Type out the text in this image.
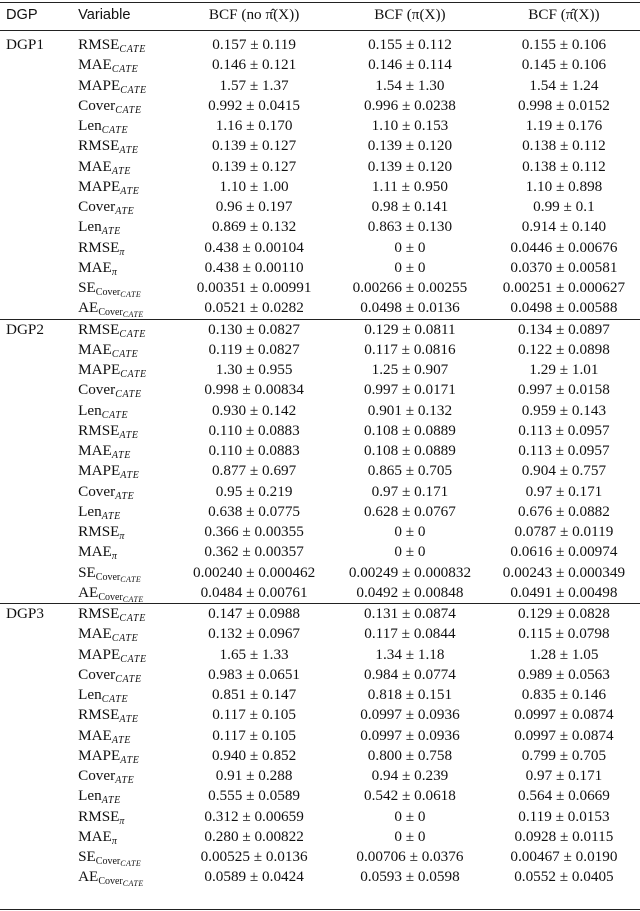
DGP	Variable	BCF (no π̂(X))	BCF (π(X))	BCF (π̂(X))
DGP1	$RMSE_{CATE}$	0.157 ± 0.119	0.155 ± 0.112	0.155 ± 0.106
	$MAE_{CATE}$	0.146 ± 0.121	0.146 ± 0.114	0.145 ± 0.106
	$MAPE_{CATE}$	1.57 ± 1.37	1.54 ± 1.30	1.54 ± 1.24
	Cover$_{CATE}$	0.992 ± 0.0415	0.996 ± 0.0238	0.998 ± 0.0152
	Len$_{CATE}$	1.16 ± 0.170	1.10 ± 0.153	1.19 ± 0.176
	$RMSE_{ATE}$	0.139 ± 0.127	0.139 ± 0.120	0.138 ± 0.112
	$MAE_{ATE}$	0.139 ± 0.127	0.139 ± 0.120	0.138 ± 0.112
	$MAPE_{ATE}$	1.10 ± 1.00	1.11 ± 0.950	1.10 ± 0.898
	Cover$_{ATE}$	0.96 ± 0.197	0.98 ± 0.141	0.99 ± 0.1
	Len$_{ATE}$	0.869 ± 0.132	0.863 ± 0.130	0.914 ± 0.140
	$RMSE_\pi$	0.438 ± 0.00104	0 ± 0	0.0446 ± 0.00676
	$MAE_\pi$	0.438 ± 0.00110	0 ± 0	0.0370 ± 0.00581
	$SE_{Cover_{CATE}}$	0.00351 ± 0.00991	0.00266 ± 0.00255	0.00251 ± 0.000627
	$AE_{Cover_{CATE}}$	0.0521 ± 0.0282	0.0498 ± 0.0136	0.0498 ± 0.00588
DGP2	$RMSE_{CATE}$	0.130 ± 0.0827	0.129 ± 0.0811	0.134 ± 0.0897
	$MAE_{CATE}$	0.119 ± 0.0827	0.117 ± 0.0816	0.122 ± 0.0898
	$MAPE_{CATE}$	1.30 ± 0.955	1.25 ± 0.907	1.29 ± 1.01
	Cover$_{CATE}$	0.998 ± 0.00834	0.997 ± 0.0171	0.997 ± 0.0158
	Len$_{CATE}$	0.930 ± 0.142	0.901 ± 0.132	0.959 ± 0.143
	$RMSE_{ATE}$	0.110 ± 0.0883	0.108 ± 0.0889	0.113 ± 0.0957
	$MAE_{ATE}$	0.110 ± 0.0883	0.108 ± 0.0889	0.113 ± 0.0957
	$MAPE_{ATE}$	0.877 ± 0.697	0.865 ± 0.705	0.904 ± 0.757
	Cover$_{ATE}$	0.95 ± 0.219	0.97 ± 0.171	0.97 ± 0.171
	Len$_{ATE}$	0.638 ± 0.0775	0.628 ± 0.0767	0.676 ± 0.0882
	$RMSE_\pi$	0.366 ± 0.00355	0 ± 0	0.0787 ± 0.0119
	$MAE_\pi$	0.362 ± 0.00357	0 ± 0	0.0616 ± 0.00974
	$SE_{Cover_{CATE}}$	0.00240 ± 0.000462	0.00249 ± 0.000832	0.00243 ± 0.000349
	$AE_{Cover_{CATE}}$	0.0484 ± 0.00761	0.0492 ± 0.00848	0.0491 ± 0.00498
DGP3	$RMSE_{CATE}$	0.147 ± 0.0988	0.131 ± 0.0874	0.129 ± 0.0828
	$MAE_{CATE}$	0.132 ± 0.0967	0.117 ± 0.0844	0.115 ± 0.0798
	$MAPE_{CATE}$	1.65 ± 1.33	1.34 ± 1.18	1.28 ± 1.05
	Cover$_{CATE}$	0.983 ± 0.0651	0.984 ± 0.0774	0.989 ± 0.0563
	Len$_{CATE}$	0.851 ± 0.147	0.818 ± 0.151	0.835 ± 0.146
	$RMSE_{ATE}$	0.117 ± 0.105	0.0997 ± 0.0936	0.0997 ± 0.0874
	$MAE_{ATE}$	0.117 ± 0.105	0.0997 ± 0.0936	0.0997 ± 0.0874
	$MAPE_{ATE}$	0.940 ± 0.852	0.800 ± 0.758	0.799 ± 0.705
	Cover$_{ATE}$	0.91 ± 0.288	0.94 ± 0.239	0.97 ± 0.171
	Len$_{ATE}$	0.555 ± 0.0589	0.542 ± 0.0618	0.564 ± 0.0669
	$RMSE_\pi$	0.312 ± 0.00659	0 ± 0	0.119 ± 0.0153
	$MAE_\pi$	0.280 ± 0.00822	0 ± 0	0.0928 ± 0.0115
	$SE_{Cover_{CATE}}$	0.00525 ± 0.0136	0.00706 ± 0.0376	0.00467 ± 0.0190
	$AE_{Cover_{CATE}}$	0.0589 ± 0.0424	0.0593 ± 0.0598	0.0552 ± 0.0405
